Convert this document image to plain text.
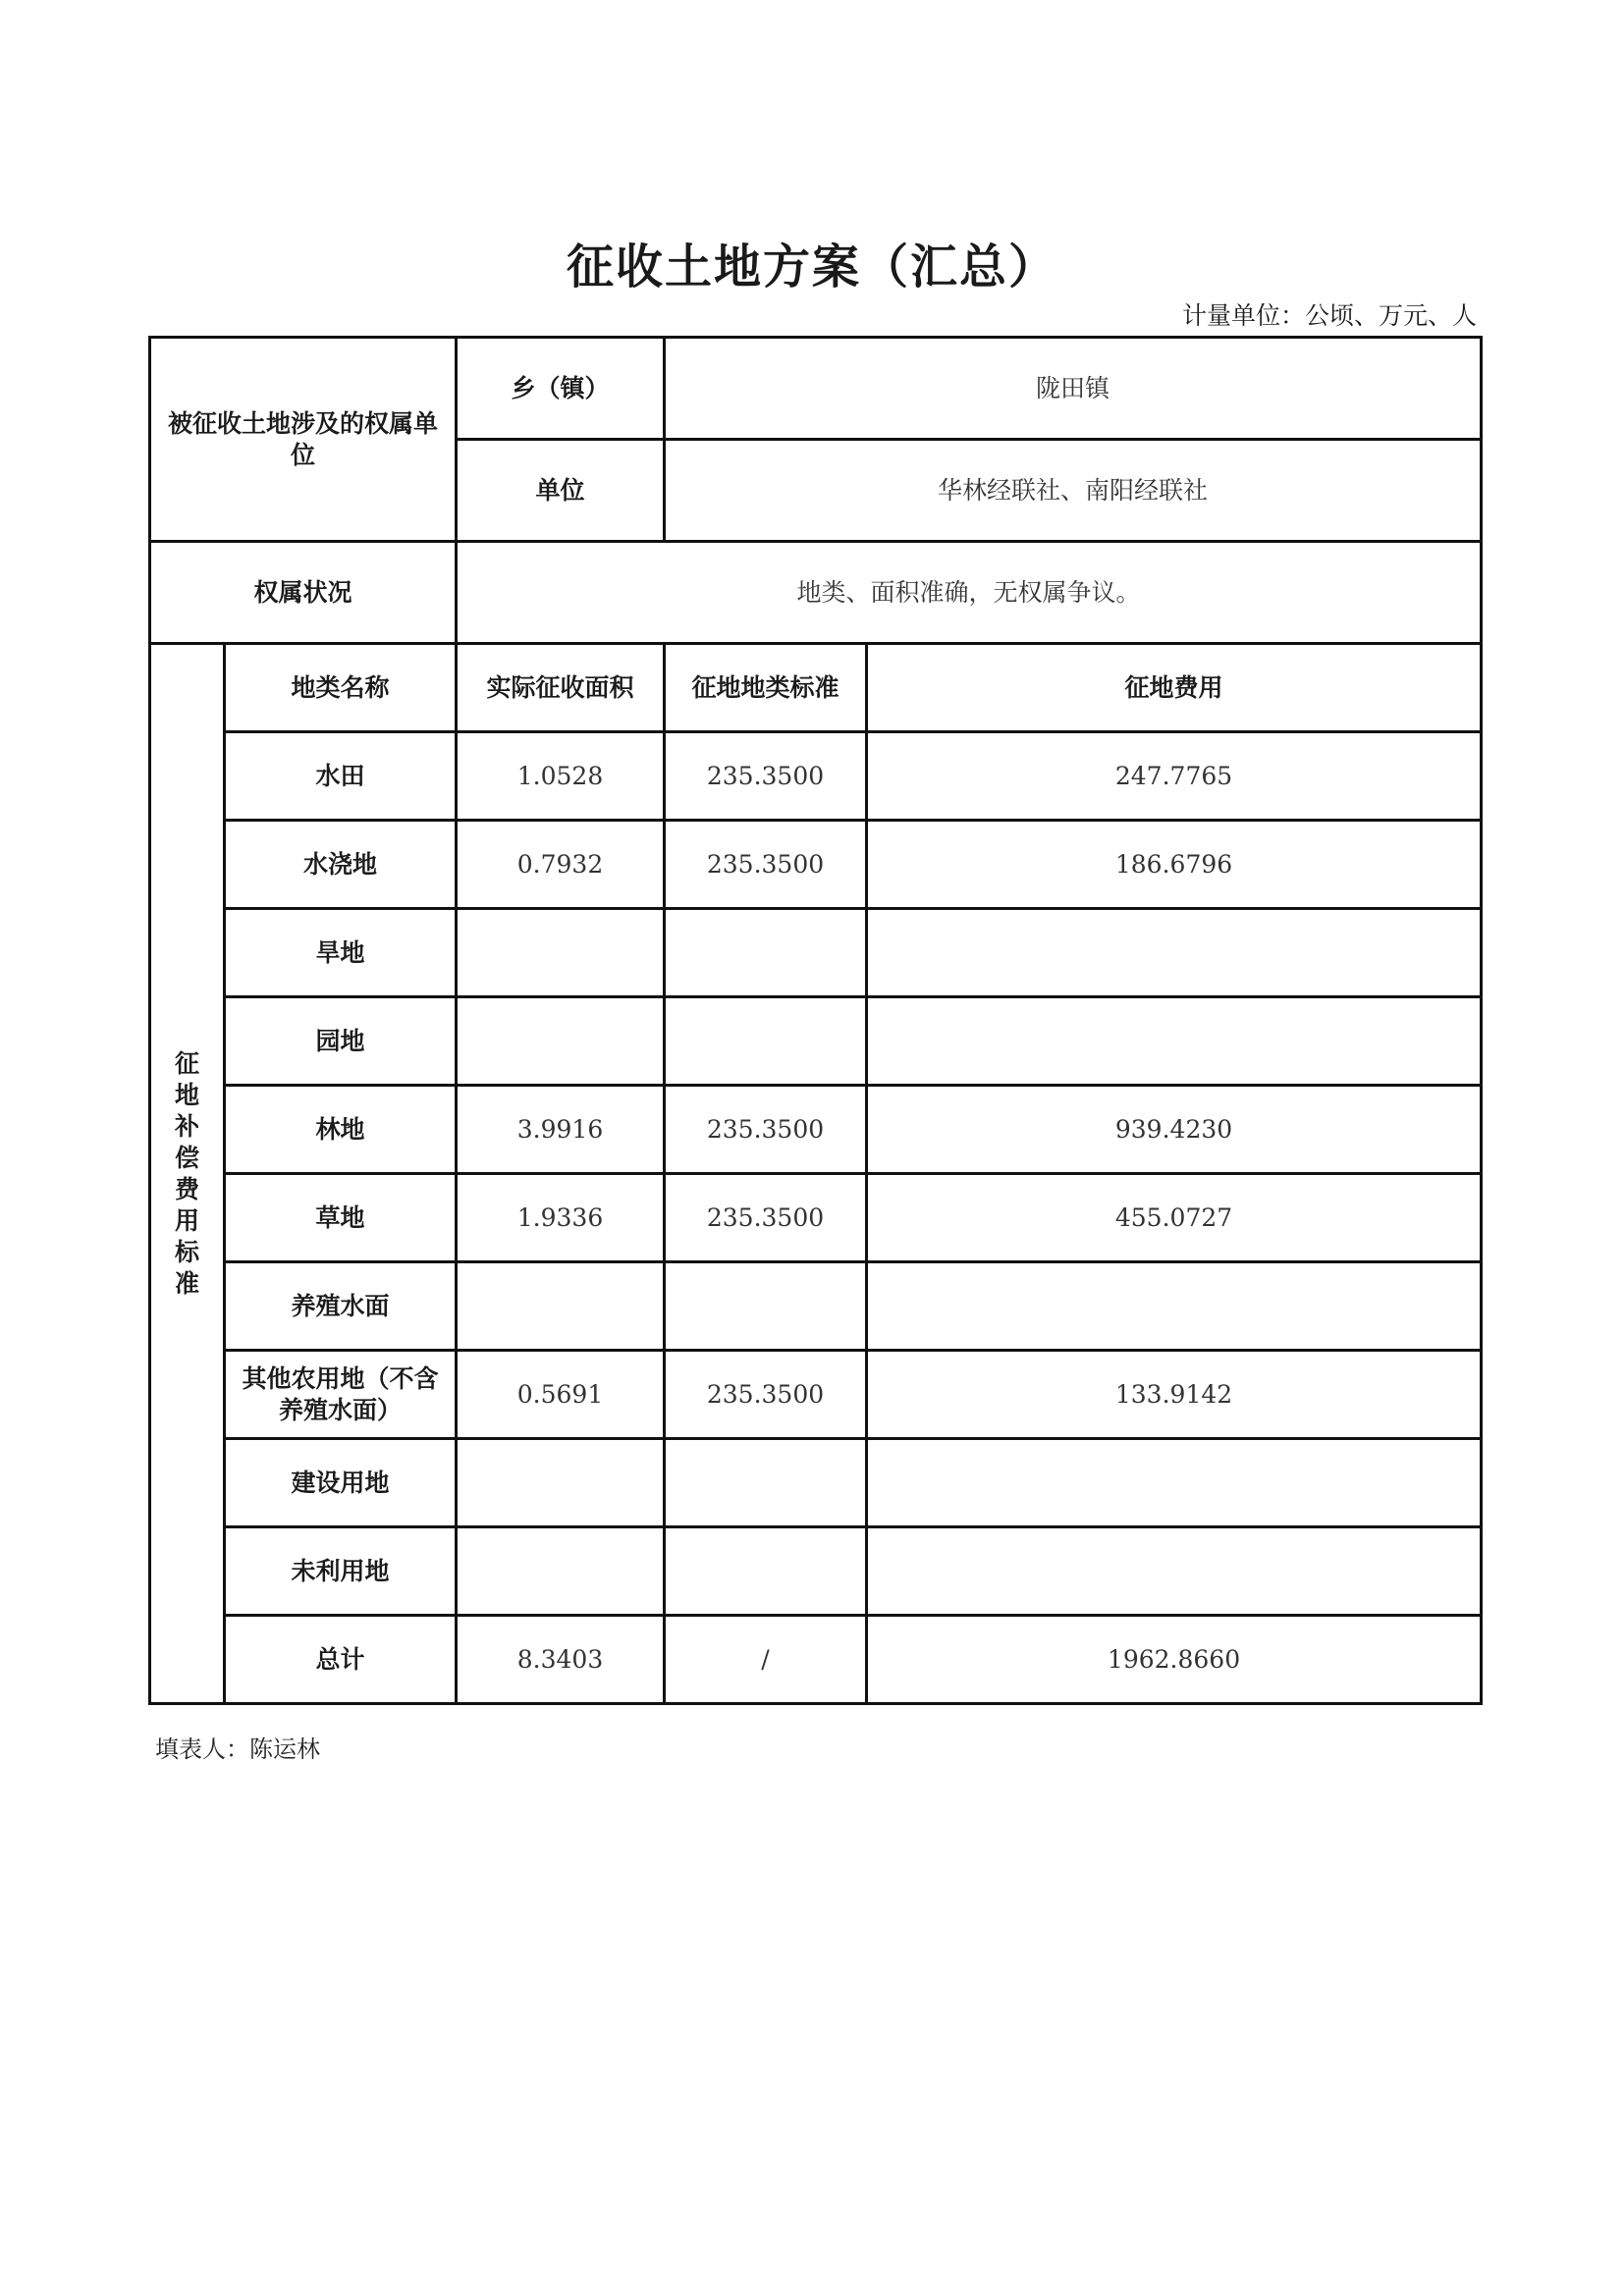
征收土地方案（汇总）
计量单位：公顷、万元、人
被征收土地涉及的权属单位		乡（镇）	陇田镇	
		单位	华林经联社、南阳经联社	
权属状况		地类、面积准确，无权属争议。		
征地补偿费用标准	地类名称	实际征收面积	征地地类标准	征地费用
	水田	1.0528	235.3500	247.7765
	水浇地	0.7932	235.3500	186.6796
	旱地			
	园地			
	林地	3.9916	235.3500	939.4230
	草地	1.9336	235.3500	455.0727
	养殖水面			
	其他农用地（不含养殖水面）	0.5691	235.3500	133.9142
	建设用地			
	未利用地			
	总计	8.3403	/	1962.8660
填表人：陈运林
